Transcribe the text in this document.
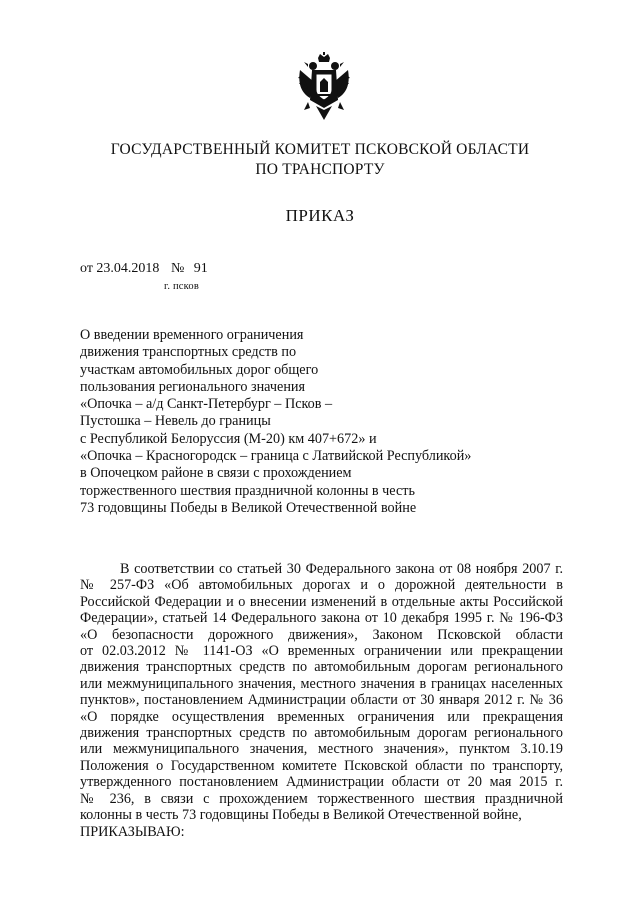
ГОСУДАРСТВЕННЫЙ КОМИТЕТ ПСКОВСКОЙ ОБЛАСТИ
ПО ТРАНСПОРТУ
ПРИКАЗ
от 23.04.2018 № 91
г. псков
О введении временного ограничения
движения транспортных средств по
участкам автомобильных дорог общего
пользования регионального значения
«Опочка – а/д Санкт-Петербург – Псков –
Пустошка – Невель до границы
с Республикой Белоруссия (М-20) км 407+672» и
«Опочка – Красногородск – граница с Латвийской Республикой»
в Опочецком районе в связи с прохождением
торжественного шествия праздничной колонны в честь
73 годовщины Победы в Великой Отечественной войне
В соответствии со статьей 30 Федерального закона от 08 ноября 2007 г.
№ 257-ФЗ «Об автомобильных дорогах и о дорожной деятельности в
Российской Федерации и о внесении изменений в отдельные акты Российской
Федерации», статьей 14 Федерального закона от 10 декабря 1995 г. № 196-ФЗ
«О безопасности дорожного движения», Законом Псковской области
от 02.03.2012 № 1141-ОЗ «О временных ограничении или прекращении
движения транспортных средств по автомобильным дорогам регионального
или межмуниципального значения, местного значения в границах населенных
пунктов», постановлением Администрации области от 30 января 2012 г. № 36
«О порядке осуществления временных ограничения или прекращения
движения транспортных средств по автомобильным дорогам регионального
или межмуниципального значения, местного значения», пунктом 3.10.19
Положения о Государственном комитете Псковской области по транспорту,
утвержденного постановлением Администрации области от 20 мая 2015 г.
№ 236, в связи с прохождением торжественного шествия праздничной
колонны в честь 73 годовщины Победы в Великой Отечественной войне,
ПРИКАЗЫВАЮ:
